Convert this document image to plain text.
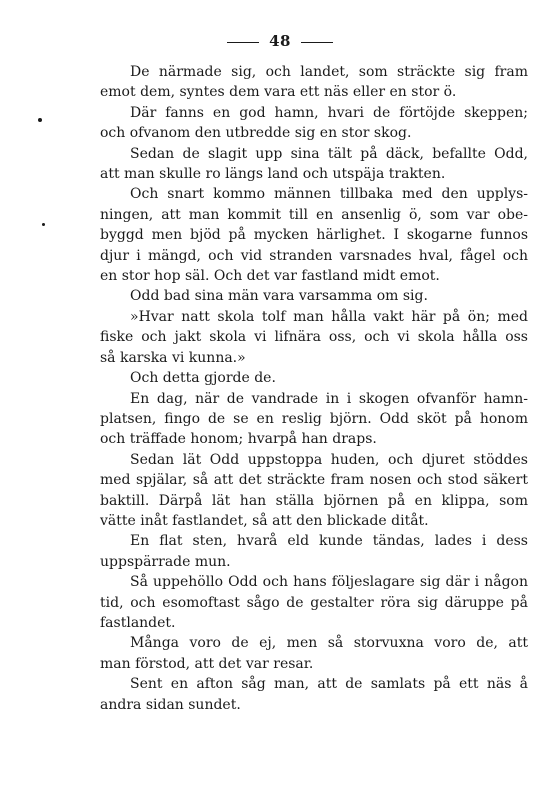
48

De närmade sig, och landet, som sträckte sig fram
emot dem, syntes dem vara ett näs eller en stor ö.

Där fanns en god hamn, hvari de förtöjde skeppen;
och ofvanom den utbredde sig en stor skog.

Sedan de slagit upp sina tält på däck, befallte Odd,
att man skulle ro längs land och utspäja trakten.

Och snart kommo männen tillbaka med den upplys-
ningen, att man kommit till en ansenlig ö, som var obe-
byggd men bjöd på mycken härlighet. I skogarne funnos
djur i mängd, och vid stranden varsnades hval, fågel och
en stor hop säl. Och det var fastland midt emot.

Odd bad sina män vara varsamma om sig.

»Hvar natt skola tolf man hålla vakt här på ön; med
fiske och jakt skola vi lifnära oss, och vi skola hålla oss
så karska vi kunna.»

Och detta gjorde de.

En dag, när de vandrade in i skogen ofvanför hamn-
platsen, fingo de se en reslig björn. Odd sköt på honom
och träffade honom; hvarpå han draps.

Sedan lät Odd uppstoppa huden, och djuret stöddes
med spjälar, så att det sträckte fram nosen och stod säkert
baktill. Därpå lät han ställa björnen på en klippa, som
vätte inåt fastlandet, så att den blickade ditåt.

En flat sten, hvarå eld kunde tändas, lades i dess
uppspärrade mun.

Så uppehöllo Odd och hans följeslagare sig där i någon
tid, och esomoftast sågo de gestalter röra sig däruppe på
fastlandet.

Många voro de ej, men så storvuxna voro de, att
man förstod, att det var resar.

Sent en afton såg man, att de samlats på ett näs å
andra sidan sundet.
